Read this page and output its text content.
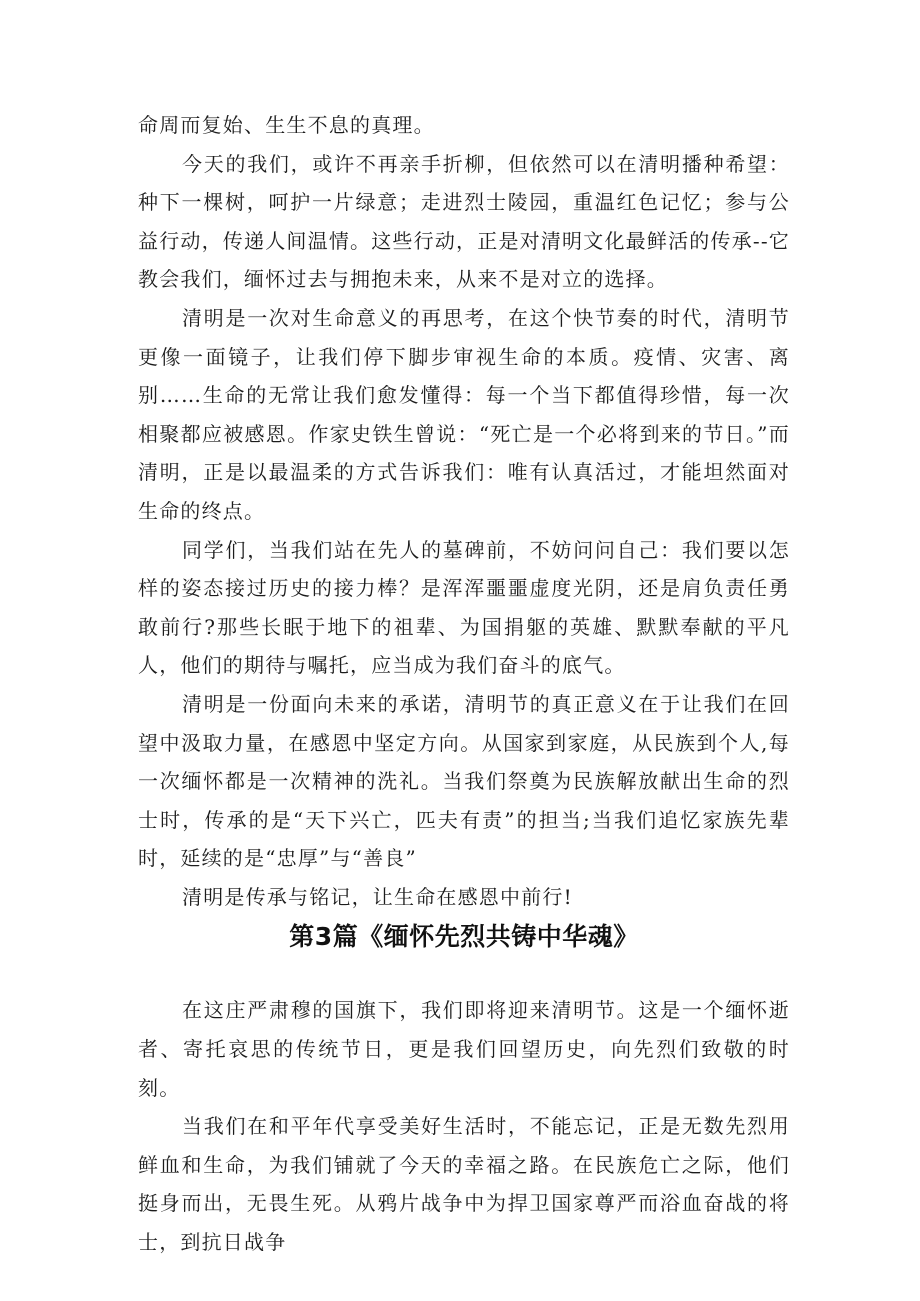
命周而复始、生生不息的真理。

今天的我们，或许不再亲手折柳，但依然可以在清明播种希望：种下一棵树，呵护一片绿意；走进烈士陵园，重温红色记忆；参与公益行动，传递人间温情。这些行动，正是对清明文化最鲜活的传承--它教会我们，缅怀过去与拥抱未来，从来不是对立的选择。

清明是一次对生命意义的再思考，在这个快节奏的时代，清明节更像一面镜子，让我们停下脚步审视生命的本质。疫情、灾害、离别……生命的无常让我们愈发懂得：每一个当下都值得珍惜，每一次相聚都应被感恩。作家史铁生曾说：“死亡是一个必将到来的节日。”而清明，正是以最温柔的方式告诉我们：唯有认真活过，才能坦然面对生命的终点。

同学们，当我们站在先人的墓碑前，不妨问问自己：我们要以怎样的姿态接过历史的接力棒？是浑浑噩噩虚度光阴，还是肩负责任勇敢前行?那些长眠于地下的祖辈、为国捐躯的英雄、默默奉献的平凡人，他们的期待与嘱托，应当成为我们奋斗的底气。

清明是一份面向未来的承诺，清明节的真正意义在于让我们在回望中汲取力量，在感恩中坚定方向。从国家到家庭，从民族到个人,每一次缅怀都是一次精神的洗礼。当我们祭奠为民族解放献出生命的烈士时，传承的是“天下兴亡，匹夫有责”的担当;当我们追忆家族先辈时，延续的是“忠厚”与“善良”

清明是传承与铭记，让生命在感恩中前行!

第3篇《缅怀先烈共铸中华魂》

在这庄严肃穆的国旗下，我们即将迎来清明节。这是一个缅怀逝者、寄托哀思的传统节日，更是我们回望历史，向先烈们致敬的时刻。

当我们在和平年代享受美好生活时，不能忘记，正是无数先烈用鲜血和生命，为我们铺就了今天的幸福之路。在民族危亡之际，他们挺身而出，无畏生死。从鸦片战争中为捍卫国家尊严而浴血奋战的将士，到抗日战争
